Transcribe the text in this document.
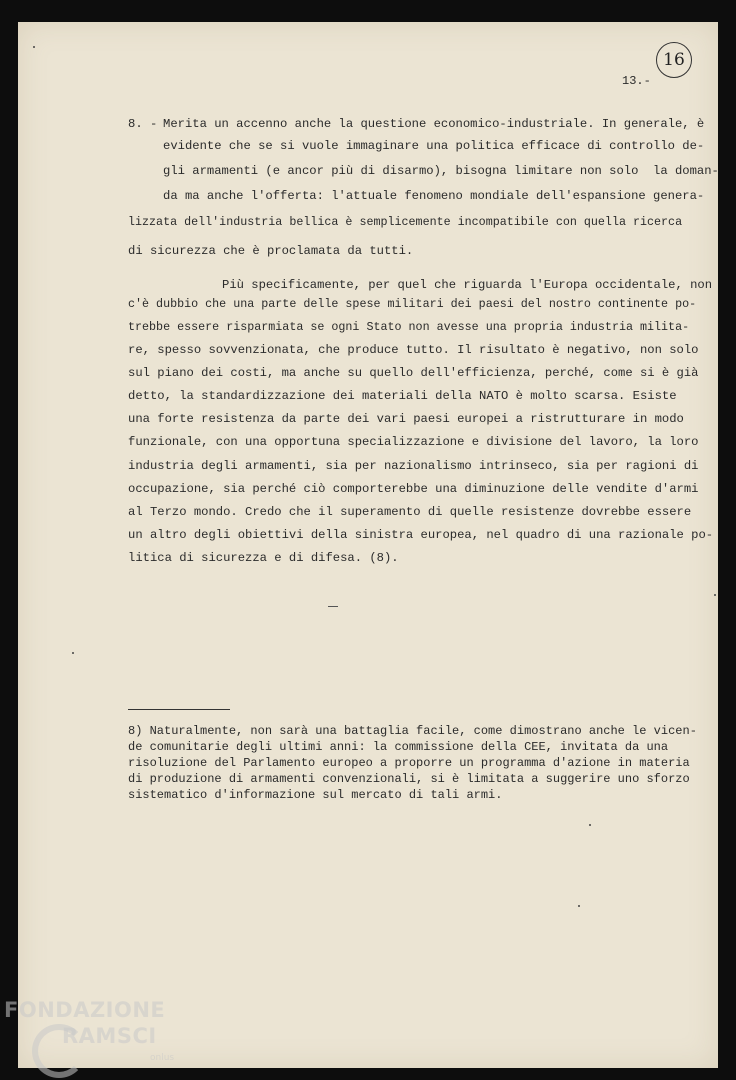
16
13.-
8. - Merita un accenno anche la questione economico-industriale. In generale, è
evidente che se si vuole immaginare una politica efficace di controllo de-
gli armamenti (e ancor più di disarmo), bisogna limitare non solo  la doman-
da ma anche l'offerta: l'attuale fenomeno mondiale dell'espansione genera-
lizzata dell'industria bellica è semplicemente incompatibile con quella ricerca
di sicurezza che è proclamata da tutti.
Più specificamente, per quel che riguarda l'Europa occidentale, non
c'è dubbio che una parte delle spese militari dei paesi del nostro continente po-
trebbe essere risparmiata se ogni Stato non avesse una propria industria milita-
re, spesso sovvenzionata, che produce tutto. Il risultato è negativo, non solo
sul piano dei costi, ma anche su quello dell'efficienza, perché, come si è già
detto, la standardizzazione dei materiali della NATO è molto scarsa. Esiste
una forte resistenza da parte dei vari paesi europei a ristrutturare in modo
funzionale, con una opportuna specializzazione e divisione del lavoro, la loro
industria degli armamenti, sia per nazionalismo intrinseco, sia per ragioni di
occupazione, sia perché ciò comporterebbe una diminuzione delle vendite d'armi
al Terzo mondo. Credo che il superamento di quelle resistenze dovrebbe essere
un altro degli obiettivi della sinistra europea, nel quadro di una razionale po-
litica di sicurezza e di difesa. (8).
8) Naturalmente, non sarà una battaglia facile, come dimostrano anche le vicen-
de comunitarie degli ultimi anni: la commissione della CEE, invitata da una
risoluzione del Parlamento europeo a proporre un programma d'azione in materia
di produzione di armamenti convenzionali, si è limitata a suggerire uno sforzo
sistematico d'informazione sul mercato di tali armi.
FONDAZIONE
RAMSCI
onlus
